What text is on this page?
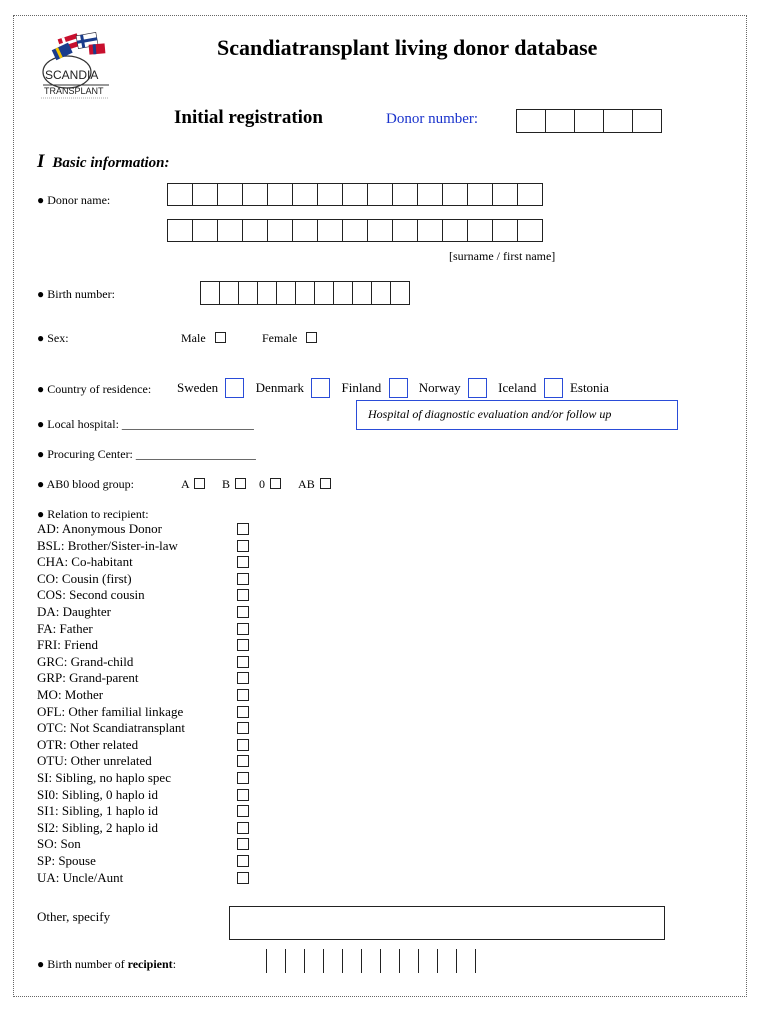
SCANDIA
TRANSPLANT
Scandiatransplant living donor database
Initial registration	Donor number:
I Basic information:
● Donor name:
[surname / first name]
● Birth number:
● Sex:	Male	Female
● Country of residence: Sweden	Denmark	Finland	Norway	Iceland	Estonia
● Local hospital: ______________________
Hospital of diagnostic evaluation and/or follow up
● Procuring Center: ____________________
● AB0 blood group:	A	B 0	AB
● Relation to recipient:
AD: Anonymous Donor
BSL: Brother/Sister-in-law
CHA: Co-habitant
CO: Cousin (first)
COS: Second cousin
DA: Daughter
FA: Father
FRI: Friend
GRC: Grand-child
GRP: Grand-parent
MO: Mother
OFL: Other familial linkage
OTC: Not Scandiatransplant
OTR: Other related
OTU: Other unrelated
SI: Sibling, no haplo spec
SI0: Sibling, 0 haplo id
SI1: Sibling, 1 haplo id
SI2: Sibling, 2 haplo id
SO: Son
SP: Spouse
UA: Uncle/Aunt
Other, specify
● Birth number of recipient:
